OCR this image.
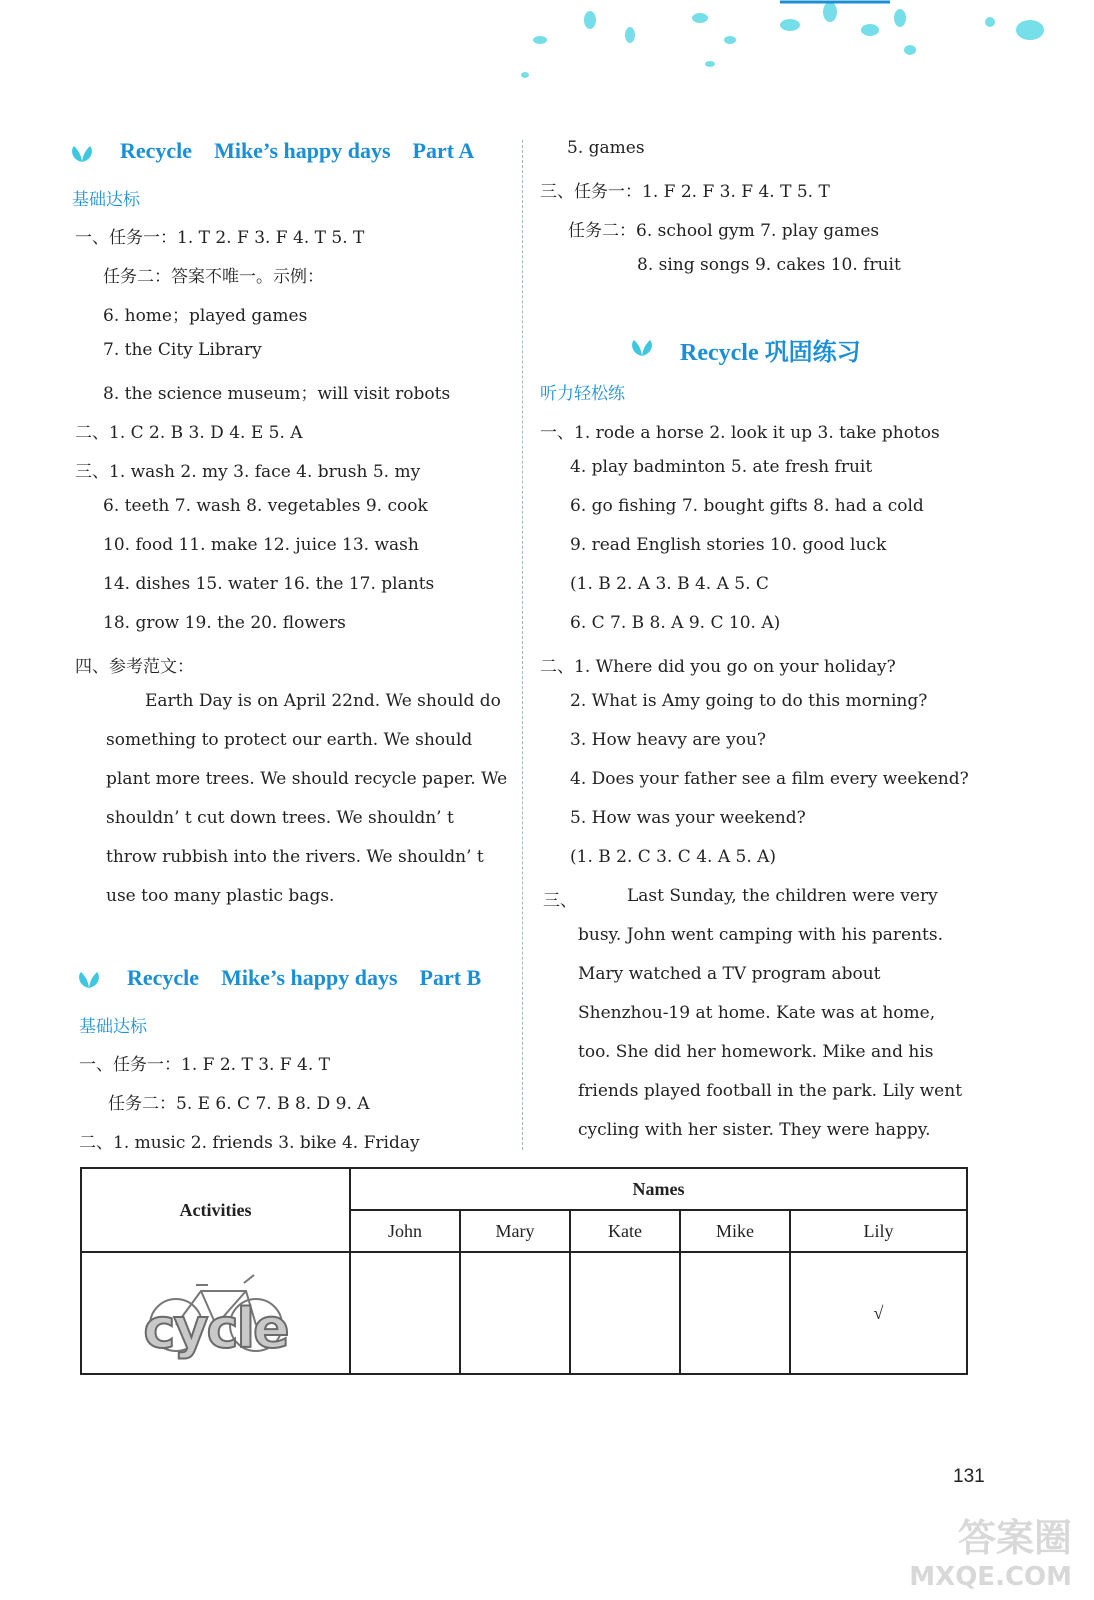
Recycle Mike’s happy days Part A
基础达标
一、任务一：1. T 2. F 3. F 4. T 5. T
任务二：答案不唯一。示例：
6. home；played games
7. the City Library
8. the science museum；will visit robots
二、1. C 2. B 3. D 4. E 5. A
三、1. wash 2. my 3. face 4. brush 5. my
6. teeth 7. wash 8. vegetables 9. cook
10. food 11. make 12. juice 13. wash
14. dishes 15. water 16. the 17. plants
18. grow 19. the 20. flowers
四、参考范文：
Earth Day is on April 22nd. We should do
something to protect our earth. We should
plant more trees. We should recycle paper. We
shouldn’ t cut down trees. We shouldn’ t
throw rubbish into the rivers. We shouldn’ t
use too many plastic bags.
Recycle Mike’s happy days Part B
基础达标
一、任务一：1. F 2. T 3. F 4. T
任务二：5. E 6. C 7. B 8. D 9. A
二、1. music 2. friends 3. bike 4. Friday
5. games
三、任务一：1. F 2. F 3. F 4. T 5. T
任务二：6. school gym 7. play games
8. sing songs 9. cakes 10. fruit
Recycle 巩固练习
听力轻松练
一、1. rode a horse 2. look it up 3. take photos
4. play badminton 5. ate fresh fruit
6. go fishing 7. bought gifts 8. had a cold
9. read English stories 10. good luck
(1. B 2. A 3. B 4. A 5. C
6. C 7. B 8. A 9. C 10. A)
二、1. Where did you go on your holiday?
2. What is Amy going to do this morning?
3. How heavy are you?
4. Does your father see a film every weekend?
5. How was your weekend?
(1. B 2. C 3. C 4. A 5. A)
三、	Last Sunday, the children were very
busy. John went camping with his parents.
Mary watched a TV program about
Shenzhou-19 at home. Kate was at home,
too. She did her homework. Mike and his
friends played football in the park. Lily went
cycling with her sister. They were happy.
Activities	Names				
	John	Mary	Kate	Mike	Lily

cycle					√
131
答案圈
MXQE.COM
